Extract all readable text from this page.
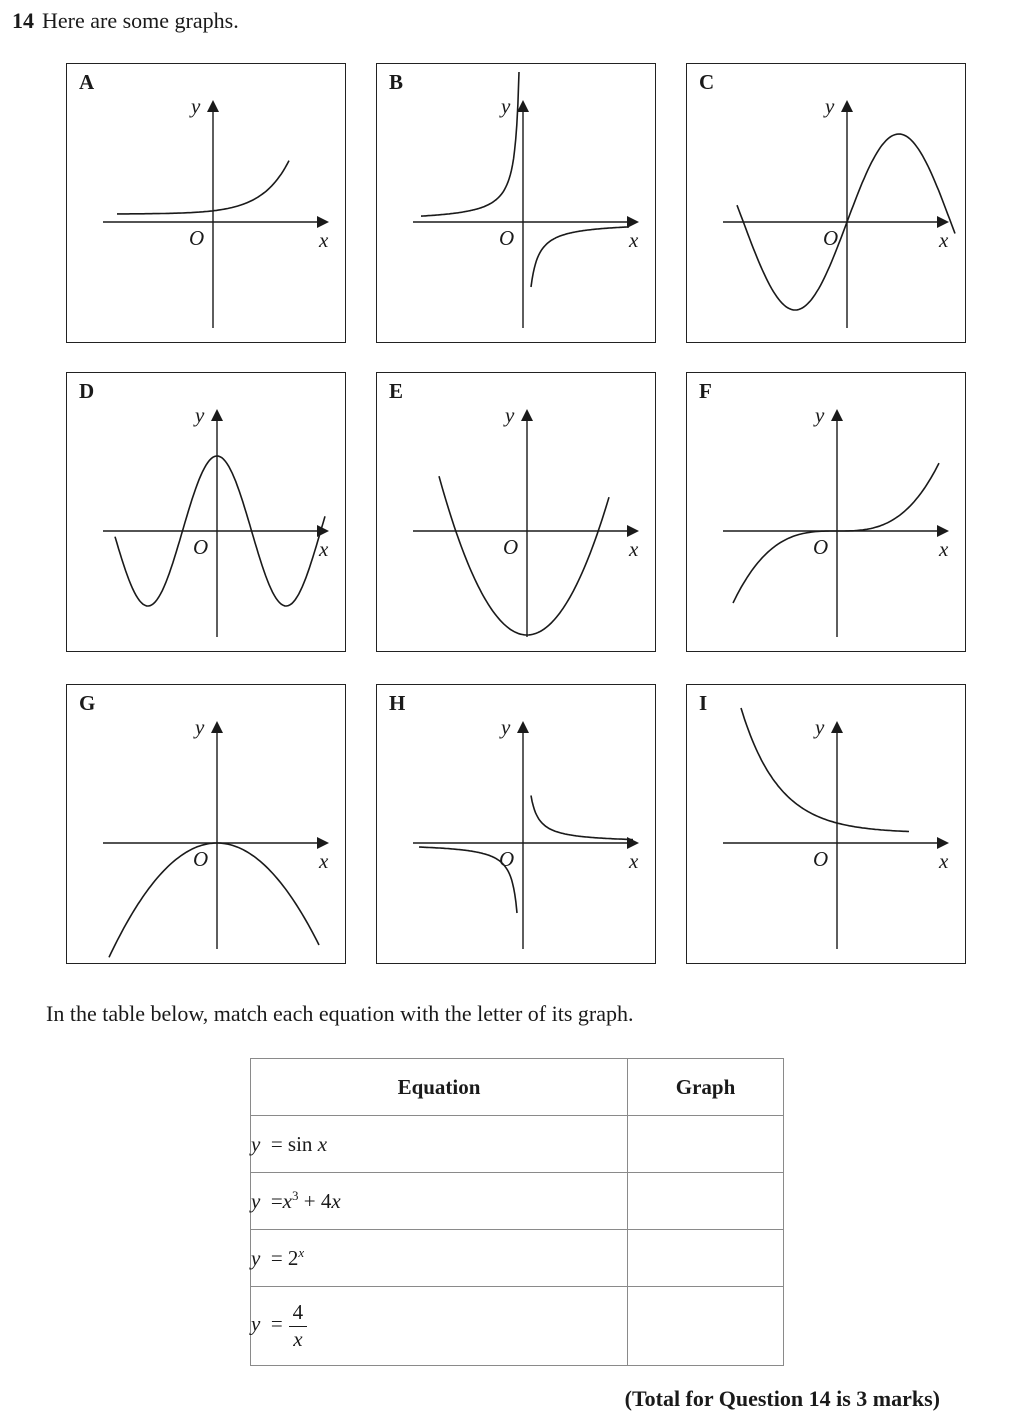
14 Here are some graphs.
A
y
x
O
B
y
x
O
C
y
x
O
D
y
x
O
E
y
x
O
F
y
x
O
G
y
x
O
H
y
x
O
I
y
x
O
In the table below, match each equation with the letter of its graph.
Equation	Graph
y = sin x	
$y =x^3 + 4x$	
$y = 2^x$	
$y = \frac{4}{x}$

(Total for Question 14 is 3 marks)
